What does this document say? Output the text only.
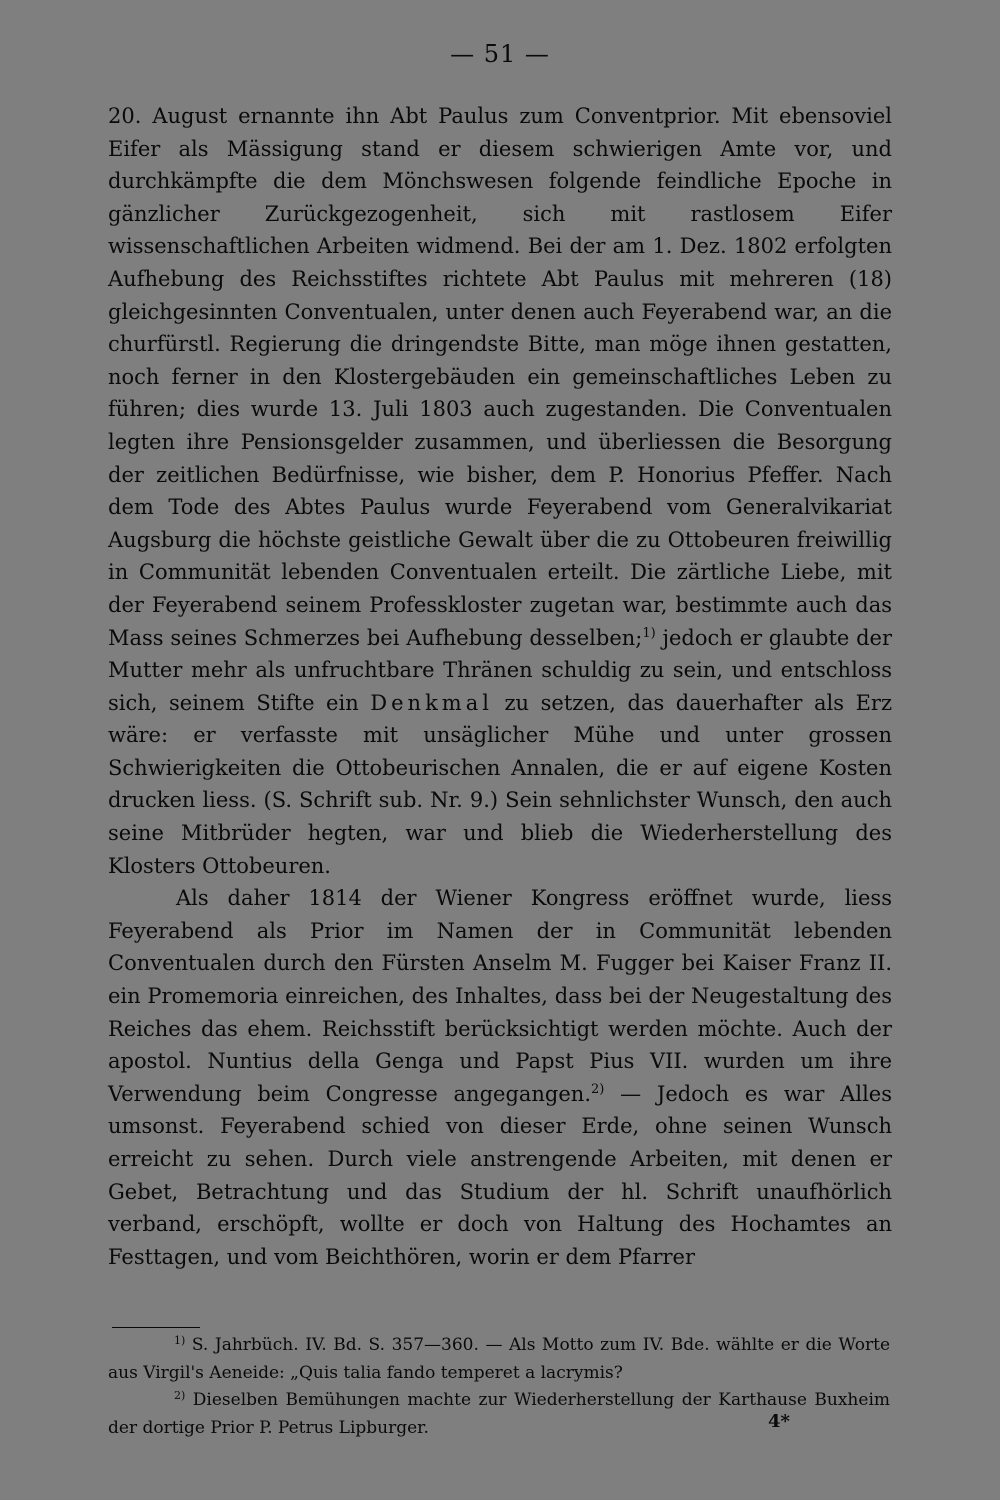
— 51 —

20. August ernannte ihn Abt Paulus zum Conventprior. Mit ebensoviel Eifer als Mässigung stand er diesem schwierigen Amte vor, und durchkämpfte die dem Mönchswesen folgende feindliche Epoche in gänzlicher Zurückgezogenheit, sich mit rastlosem Eifer wissenschaftlichen Arbeiten widmend. Bei der am 1. Dez. 1802 erfolgten Aufhebung des Reichsstiftes richtete Abt Paulus mit mehreren (18) gleichgesinnten Conventualen, unter denen auch Feyerabend war, an die churfürstl. Regierung die dringendste Bitte, man möge ihnen gestatten, noch ferner in den Klostergebäuden ein gemeinschaftliches Leben zu führen; dies wurde 13. Juli 1803 auch zugestanden. Die Conventualen legten ihre Pensionsgelder zusammen, und überliessen die Besorgung der zeitlichen Bedürfnisse, wie bisher, dem P. Honorius Pfeffer. Nach dem Tode des Abtes Paulus wurde Feyerabend vom Generalvikariat Augsburg die höchste geistliche Gewalt über die zu Ottobeuren freiwillig in Communität lebenden Conventualen erteilt. Die zärtliche Liebe, mit der Feyerabend seinem Professkloster zugetan war, bestimmte auch das Mass seines Schmerzes bei Aufhebung desselben;$^{1)}$ jedoch er glaubte der Mutter mehr als unfruchtbare Thränen schuldig zu sein, und entschloss sich, seinem Stifte ein Denkmal zu setzen, das dauerhafter als Erz wäre: er verfasste mit unsäglicher Mühe und unter grossen Schwierigkeiten die Ottobeurischen Annalen, die er auf eigene Kosten drucken liess. (S. Schrift sub. Nr. 9.) Sein sehnlichster Wunsch, den auch seine Mitbrüder hegten, war und blieb die Wiederherstellung des Klosters Ottobeuren.

Als daher 1814 der Wiener Kongress eröffnet wurde, liess Feyerabend als Prior im Namen der in Communität lebenden Conventualen durch den Fürsten Anselm M. Fugger bei Kaiser Franz II. ein Promemoria einreichen, des Inhaltes, dass bei der Neugestaltung des Reiches das ehem. Reichsstift berücksichtigt werden möchte. Auch der apostol. Nuntius della Genga und Papst Pius VII. wurden um ihre Verwendung beim Congresse angegangen.$^{2)}$ — Jedoch es war Alles umsonst. Feyerabend schied von dieser Erde, ohne seinen Wunsch erreicht zu sehen. Durch viele anstrengende Arbeiten, mit denen er Gebet, Betrachtung und das Studium der hl. Schrift unaufhörlich verband, erschöpft, wollte er doch von Haltung des Hochamtes an Festtagen, und vom Beichthören, worin er dem Pfarrer

$^{1)}$ S. Jahrbüch. IV. Bd. S. 357—360. — Als Motto zum IV. Bde. wählte er die Worte aus Virgil's Aeneide: „Quis talia fando temperet a lacrymis?

$^{2)}$ Dieselben Bemühungen machte zur Wiederherstellung der Karthause Buxheim der dortige Prior P. Petrus Lipburger.	4*
